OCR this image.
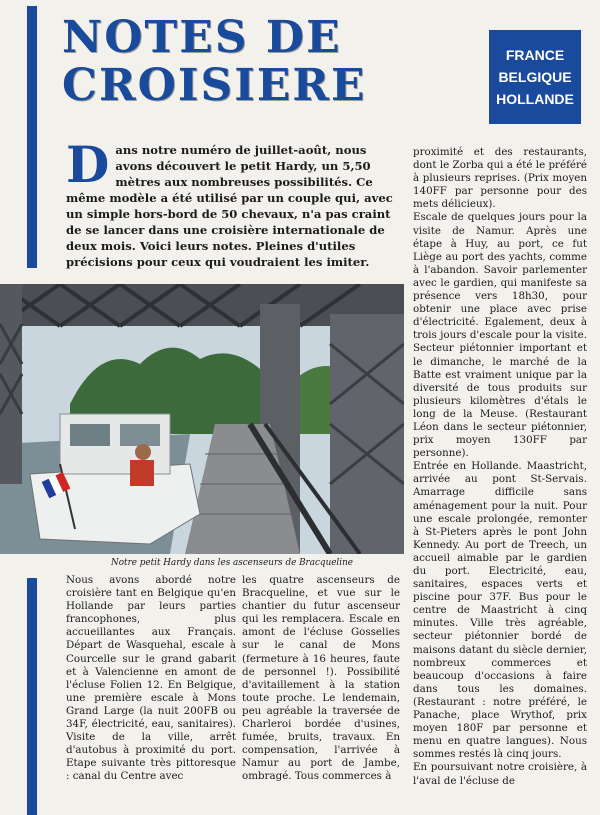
NOTES DE
CROISIERE
FRANCE
BELGIQUE
HOLLANDE
D ans notre numéro de juillet-août, nous avons découvert le petit Hardy, un 5,50 mètres aux nombreuses possibilités. Ce même modèle a été utilisé par un couple qui, avec un simple hors-bord de 50 chevaux, n'a pas craint de se lancer dans une croisière internationale de deux mois. Voici leurs notes. Pleines d'utiles précisions pour ceux qui voudraient les imiter.
Notre petit Hardy dans les ascenseurs de Bracqueline
Nous avons abordé notre croisière tant en Belgique qu'en Hollande par leurs parties francophones, plus accueillantes aux Français. Départ de Wasquehal, escale à Courcelle sur le grand gabarit et à Valencienne en amont de l'écluse Folien 12. En Belgique, une première escale à Mons Grand Large (la nuit 200FB ou 34F, électricité, eau, sanitaires). Visite de la ville, arrêt d'autobus à proximité du port. Etape suivante très pittoresque : canal du Centre avec
les quatre ascenseurs de Bracqueline, et vue sur le chantier du futur ascenseur qui les remplacera. Escale en amont de l'écluse Gosselies sur le canal de Mons (fermeture à 16 heures, faute de personnel !). Possibilité d'avitaillement à la station toute proche. Le lendemain, peu agréable la traversée de Charleroi bordée d'usines, fumée, bruits, travaux. En compensation, l'arrivée à Namur au port de Jambe, ombragé. Tous commerces à
proximité et des restaurants, dont le Zorba qui a été le préféré à plusieurs reprises. (Prix moyen 140FF par personne pour des mets délicieux).
Escale de quelques jours pour la visite de Namur. Après une étape à Huy, au port, ce fut Liège au port des yachts, comme à l'abandon. Savoir parlementer avec le gardien, qui manifeste sa présence vers 18h30, pour obtenir une place avec prise d'électricité. Egalement, deux à trois jours d'escale pour la visite. Secteur piétonnier important et le dimanche, le marché de la Batte est vraiment unique par la diversité de tous produits sur plusieurs kilomètres d'étals le long de la Meuse. (Restaurant Léon dans le secteur piétonnier, prix moyen 130FF par personne).
Entrée en Hollande. Maastricht, arrivée au pont St-Servais. Amarrage difficile sans aménagement pour la nuit. Pour une escale prolongée, remonter à St-Pieters après le pont John Kennedy. Au port de Treech, un accueil aimable par le gardien du port. Electricité, eau, sanitaires, espaces verts et piscine pour 37F. Bus pour le centre de Maastricht à cinq minutes. Ville très agréable, secteur piétonnier bordé de maisons datant du siècle dernier, nombreux commerces et beaucoup d'occasions à faire dans tous les domaines. (Restaurant : notre préféré, le Panache, place Wrythof, prix moyen 180F par personne et menu en quatre langues). Nous sommes restés là cinq jours.
En poursuivant notre croisière, à l'aval de l'écluse de
